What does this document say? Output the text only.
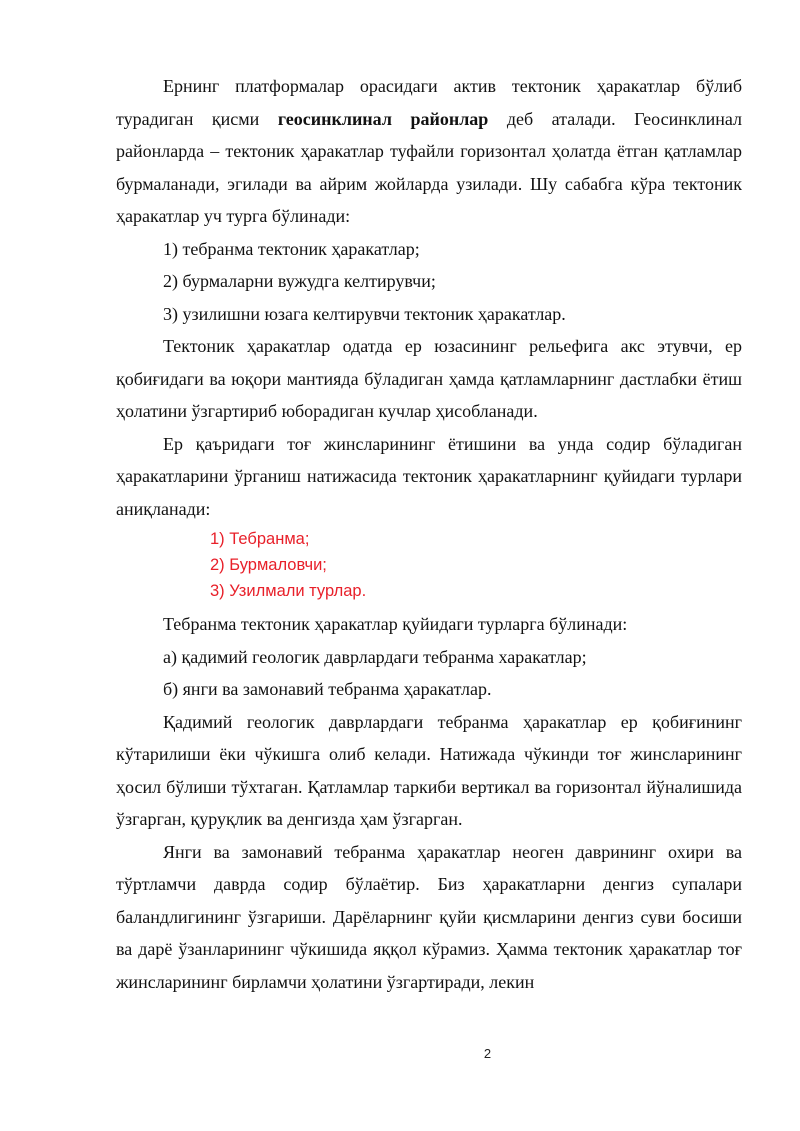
Ернинг платформалар орасидаги актив тектоник ҳаракатлар бўлиб турадиган қисми геосинклинал районлар деб аталади. Геосинклинал районларда – тектоник ҳаракатлар туфайли горизонтал ҳолатда ётган қатламлар бурмаланади, эгилади ва айрим жойларда узилади. Шу сабабга кўра тектоник ҳаракатлар уч турга бўлинади:

1) тебранма тектоник ҳаракатлар;

2) бурмаларни вужудга келтирувчи;

3) узилишни юзага келтирувчи тектоник ҳаракатлар.

Тектоник ҳаракатлар одатда ер юзасининг рельефига акс этувчи, ер қобиғидаги ва юқори мантияда бўладиган ҳамда қатламларнинг дастлабки ётиш ҳолатини ўзгартириб юборадиган кучлар ҳисобланади.

Ер қаъридаги тоғ жинсларининг ётишини ва унда содир бўладиган ҳаракатларини ўрганиш натижасида тектоник ҳаракатларнинг қуйидаги турлари аниқланади:

1) Тебранма;
2) Бурмаловчи;
3) Узилмали турлар.

Тебранма тектоник ҳаракатлар қуйидаги турларга бўлинади:

а) қадимий геологик даврлардаги тебранма харакатлар;

б) янги ва замонавий тебранма ҳаракатлар.

Қадимий геологик даврлардаги тебранма ҳаракатлар ер қобиғининг кўтарилиши ёки чўкишга олиб келади. Натижада чўкинди тоғ жинсларининг ҳосил бўлиши тўхтаган. Қатламлар таркиби вертикал ва горизонтал йўналишида ўзгарган, қуруқлик ва денгизда ҳам ўзгарган.

Янги ва замонавий тебранма ҳаракатлар неоген даврининг охири ва тўртламчи даврда содир бўлаётир. Биз ҳаракатларни денгиз супалари баландлигининг ўзгариши. Дарёларнинг қуйи қисмларини денгиз суви босиши ва дарё ўзанларининг чўкишида яққол кўрамиз. Ҳамма тектоник ҳаракатлар тоғ жинсларининг бирламчи ҳолатини ўзгартиради, лекин

2
